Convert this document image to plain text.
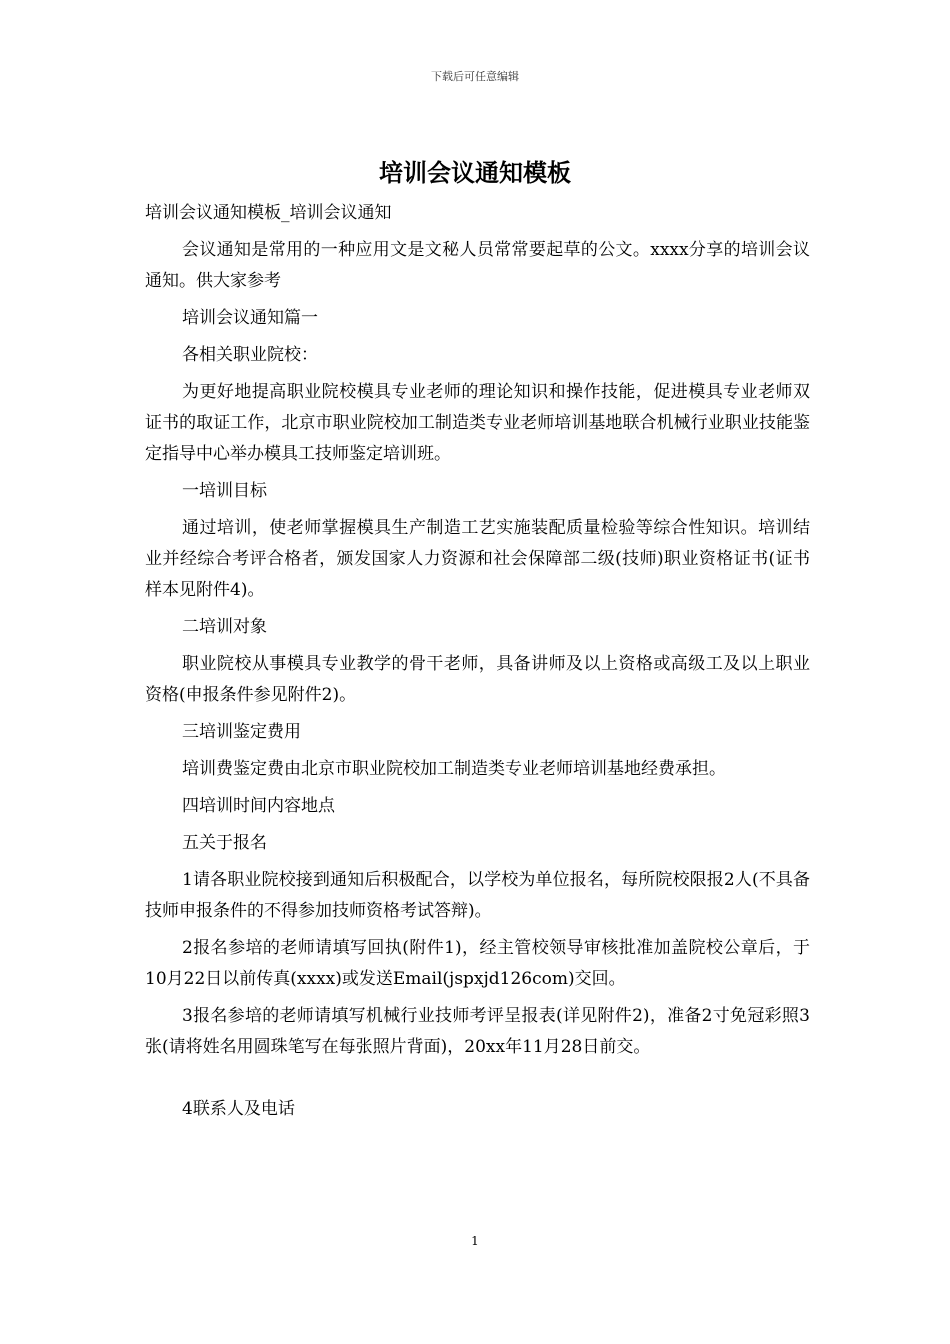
下载后可任意编辑
培训会议通知模板

培训会议通知模板_培训会议通知

会议通知是常用的一种应用文是文秘人员常常要起草的公文。xxxx分享的培训会议通知。供大家参考

培训会议通知篇一

各相关职业院校：

为更好地提高职业院校模具专业老师的理论知识和操作技能，促进模具专业老师双证书的取证工作，北京市职业院校加工制造类专业老师培训基地联合机械行业职业技能鉴定指导中心举办模具工技师鉴定培训班。

一培训目标

通过培训，使老师掌握模具生产制造工艺实施装配质量检验等综合性知识。培训结业并经综合考评合格者，颁发国家人力资源和社会保障部二级(技师)职业资格证书(证书样本见附件4)。

二培训对象

职业院校从事模具专业教学的骨干老师，具备讲师及以上资格或高级工及以上职业资格(申报条件参见附件2)。

三培训鉴定费用

培训费鉴定费由北京市职业院校加工制造类专业老师培训基地经费承担。

四培训时间内容地点

五关于报名

1请各职业院校接到通知后积极配合，以学校为单位报名，每所院校限报2人(不具备技师申报条件的不得参加技师资格考试答辩)。

2报名参培的老师请填写回执(附件1)，经主管校领导审核批准加盖院校公章后，于10月22日以前传真(xxxx)或发送Email(jspxjd126com)交回。

3报名参培的老师请填写机械行业技师考评呈报表(详见附件2)，准备2寸免冠彩照3张(请将姓名用圆珠笔写在每张照片背面)，20xx年11月28日前交。

4联系人及电话

1
